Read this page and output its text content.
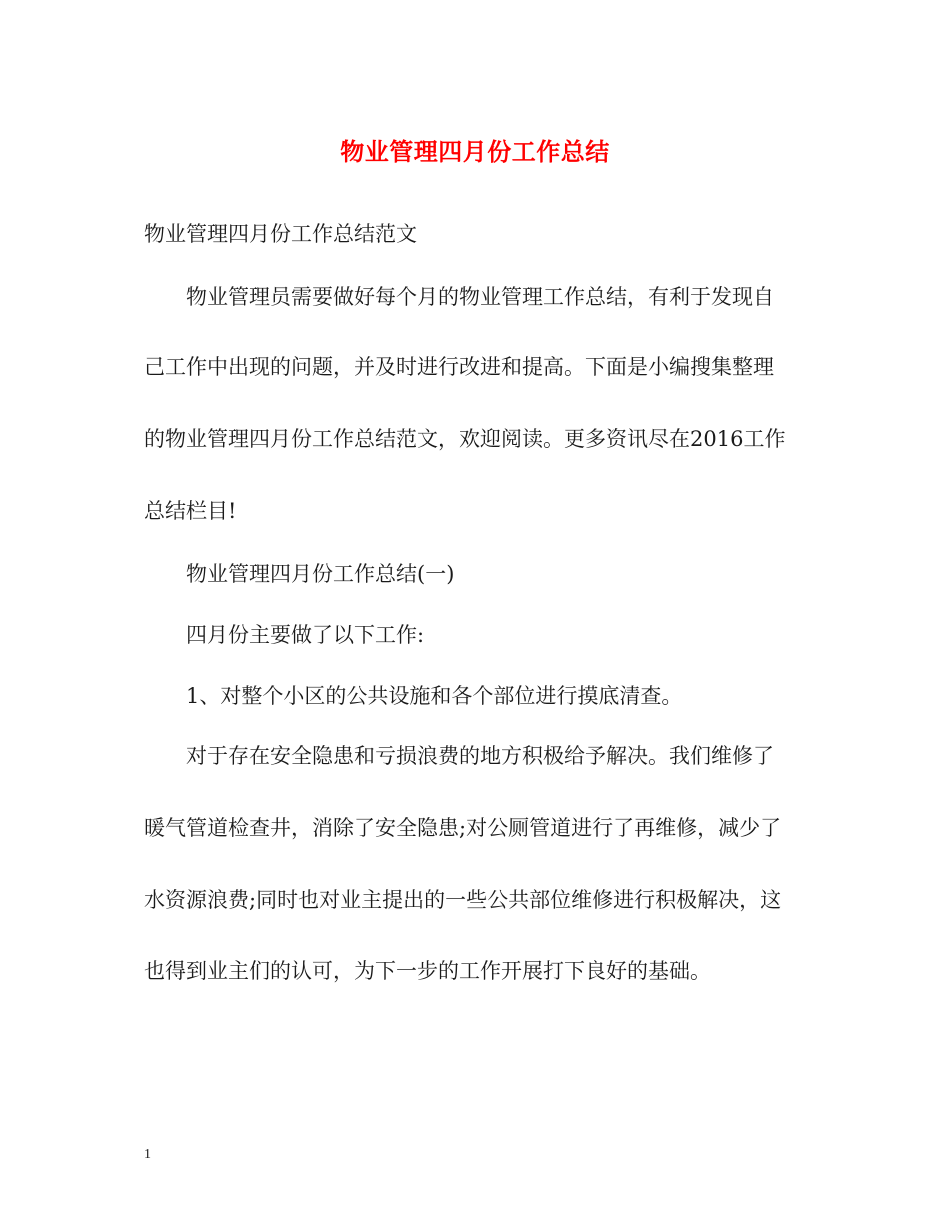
物业管理四月份工作总结
物业管理四月份工作总结范文
物业管理员需要做好每个月的物业管理工作总结，有利于发现自
己工作中出现的问题，并及时进行改进和提高。下面是小编搜集整理
的物业管理四月份工作总结范文，欢迎阅读。更多资讯尽在2016工作
总结栏目!
物业管理四月份工作总结(一)
四月份主要做了以下工作:
1、对整个小区的公共设施和各个部位进行摸底清查。
对于存在安全隐患和亏损浪费的地方积极给予解决。我们维修了
暖气管道检查井，消除了安全隐患;对公厕管道进行了再维修，减少了
水资源浪费;同时也对业主提出的一些公共部位维修进行积极解决，这
也得到业主们的认可，为下一步的工作开展打下良好的基础。
1
